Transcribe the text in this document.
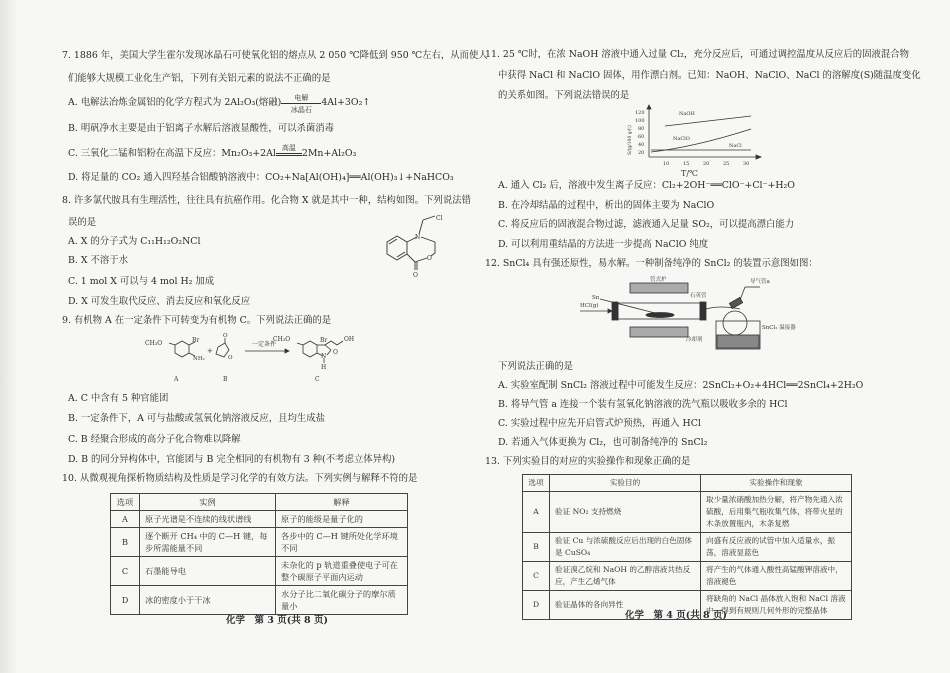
7. 1886 年，美国大学生霍尔发现冰晶石可使氧化铝的熔点从 2 050 ℃降低到 950 ℃左右，从而使人
们能够大规模工业化生产铝，下列有关铝元素的说法不正确的是
A. 电解法冶炼金属铝的化学方程式为 2Al₂O₃(熔融)	电解
冰晶石
4Al+3O₂↑
B. 明矾净水主要是由于铝离子水解后溶液显酸性，可以杀菌消毒
C. 三氧化二锰和铝粉在高温下反应：Mn₂O₃+2Al
高温
2Mn+Al₂O₃
D. 将足量的 CO₂ 通入四羟基合铝酸钠溶液中：CO₂+Na[Al(OH)₄]══Al(OH)₃↓+NaHCO₃
8. 许多氯代胺具有生理活性，往往具有抗癌作用。化合物 X 就是其中一种，结构如图。下列说法错
误的是
A. X 的分子式为 C₁₁H₁₂O₂NCl
B. X 不溶于水
C. 1 mol X 可以与 4 mol H₂ 加成
D. X 可发生取代反应、消去反应和氧化反应
Cl
N
O
O
9. 有机物 A 在一定条件下可转变为有机物 C。下列说法正确的是
CH₃O	Br
NH₂
+
O
O
一定条件
CH₃O	Br	OH
N
O
H
A	B	C
A. C 中含有 5 种官能团
B. 一定条件下，A 可与盐酸或氢氧化钠溶液反应，且均生成盐
C. B 经聚合形成的高分子化合物难以降解
D. B 的同分异构体中，官能团与 B 完全相同的有机物有 3 种(不考虑立体异构)
10. 从微观视角探析物质结构及性质是学习化学的有效方法。下列实例与解释不符的是
选项	实例	解释
A	原子光谱是不连续的线状谱线	原子的能级是量子化的
B	逐个断开 CH₄ 中的 C—H 键，每步所需能量不同	各步中的 C—H 键所处化学环境不同
C	石墨能导电	未杂化的 p 轨道重叠使电子可在整个碳原子平面内运动
D	冰的密度小于干冰	水分子比二氧化碳分子的摩尔质量小
化学　第 3 页(共 8 页)
11. 25 ℃时，在浓 NaOH 溶液中通入过量 Cl₂，充分反应后，可通过调控温度从反应后的固液混合物
中获得 NaCl 和 NaClO 固体，用作漂白剂。已知：NaOH、NaClO、NaCl 的溶解度(S)随温度变化
的关系如图。下列说法错误的是
120
100
80
60
40
20
10	15	20	25	30
T/℃
S/(g/100 g水)
NaOH
NaClO
NaCl
A. 通入 Cl₂ 后，溶液中发生离子反应：Cl₂+2OH⁻══ClO⁻+Cl⁻+H₂O
B. 在冷却结晶的过程中，析出的固体主要为 NaClO
C. 将反应后的固液混合物过滤，滤液通入足量 SO₂，可以提高漂白能力
D. 可以利用重结晶的方法进一步提高 NaClO 纯度
12. SnCl₄ 具有强还原性，易水解。一种制备纯净的 SnCl₂ 的装置示意图如图：
管式炉
石英管
导气管a
Sn
HCl(g)
SnCl₂ 温接器
冷却剂
下列说法正确的是
A. 实验室配制 SnCl₂ 溶液过程中可能发生反应：2SnCl₂+O₂+4HCl══2SnCl₄+2H₂O
B. 将导气管 a 连接一个装有氢氧化钠溶液的洗气瓶以吸收多余的 HCl
C. 实验过程中应先开启管式炉预热，再通入 HCl
D. 若通入气体更换为 Cl₂，也可制备纯净的 SnCl₂
13. 下列实验目的对应的实验操作和现象正确的是
选项	实验目的	实验操作和现象
A	验证 NO₂ 支持燃烧	取少量浓硝酸加热分解，将产物先通入浓硫酸，后用集气瓶收集气体，将带火星的木条放置瓶内，木条复燃
B	验证 Cu 与浓硫酸反应后出现的白色固体是 CuSO₄	向盛有反应液的试管中加入适量水，振荡，溶液显蓝色
C	验证溴乙烷和 NaOH 的乙醇溶液共热反应，产生乙烯气体	将产生的气体通入酸性高锰酸钾溶液中，溶液褪色
D	验证晶体的各向异性	将缺角的 NaCl 晶体放入饱和 NaCl 溶液中，得到有规则几何外形的完整晶体
化学　第 4 页(共 8 页)
